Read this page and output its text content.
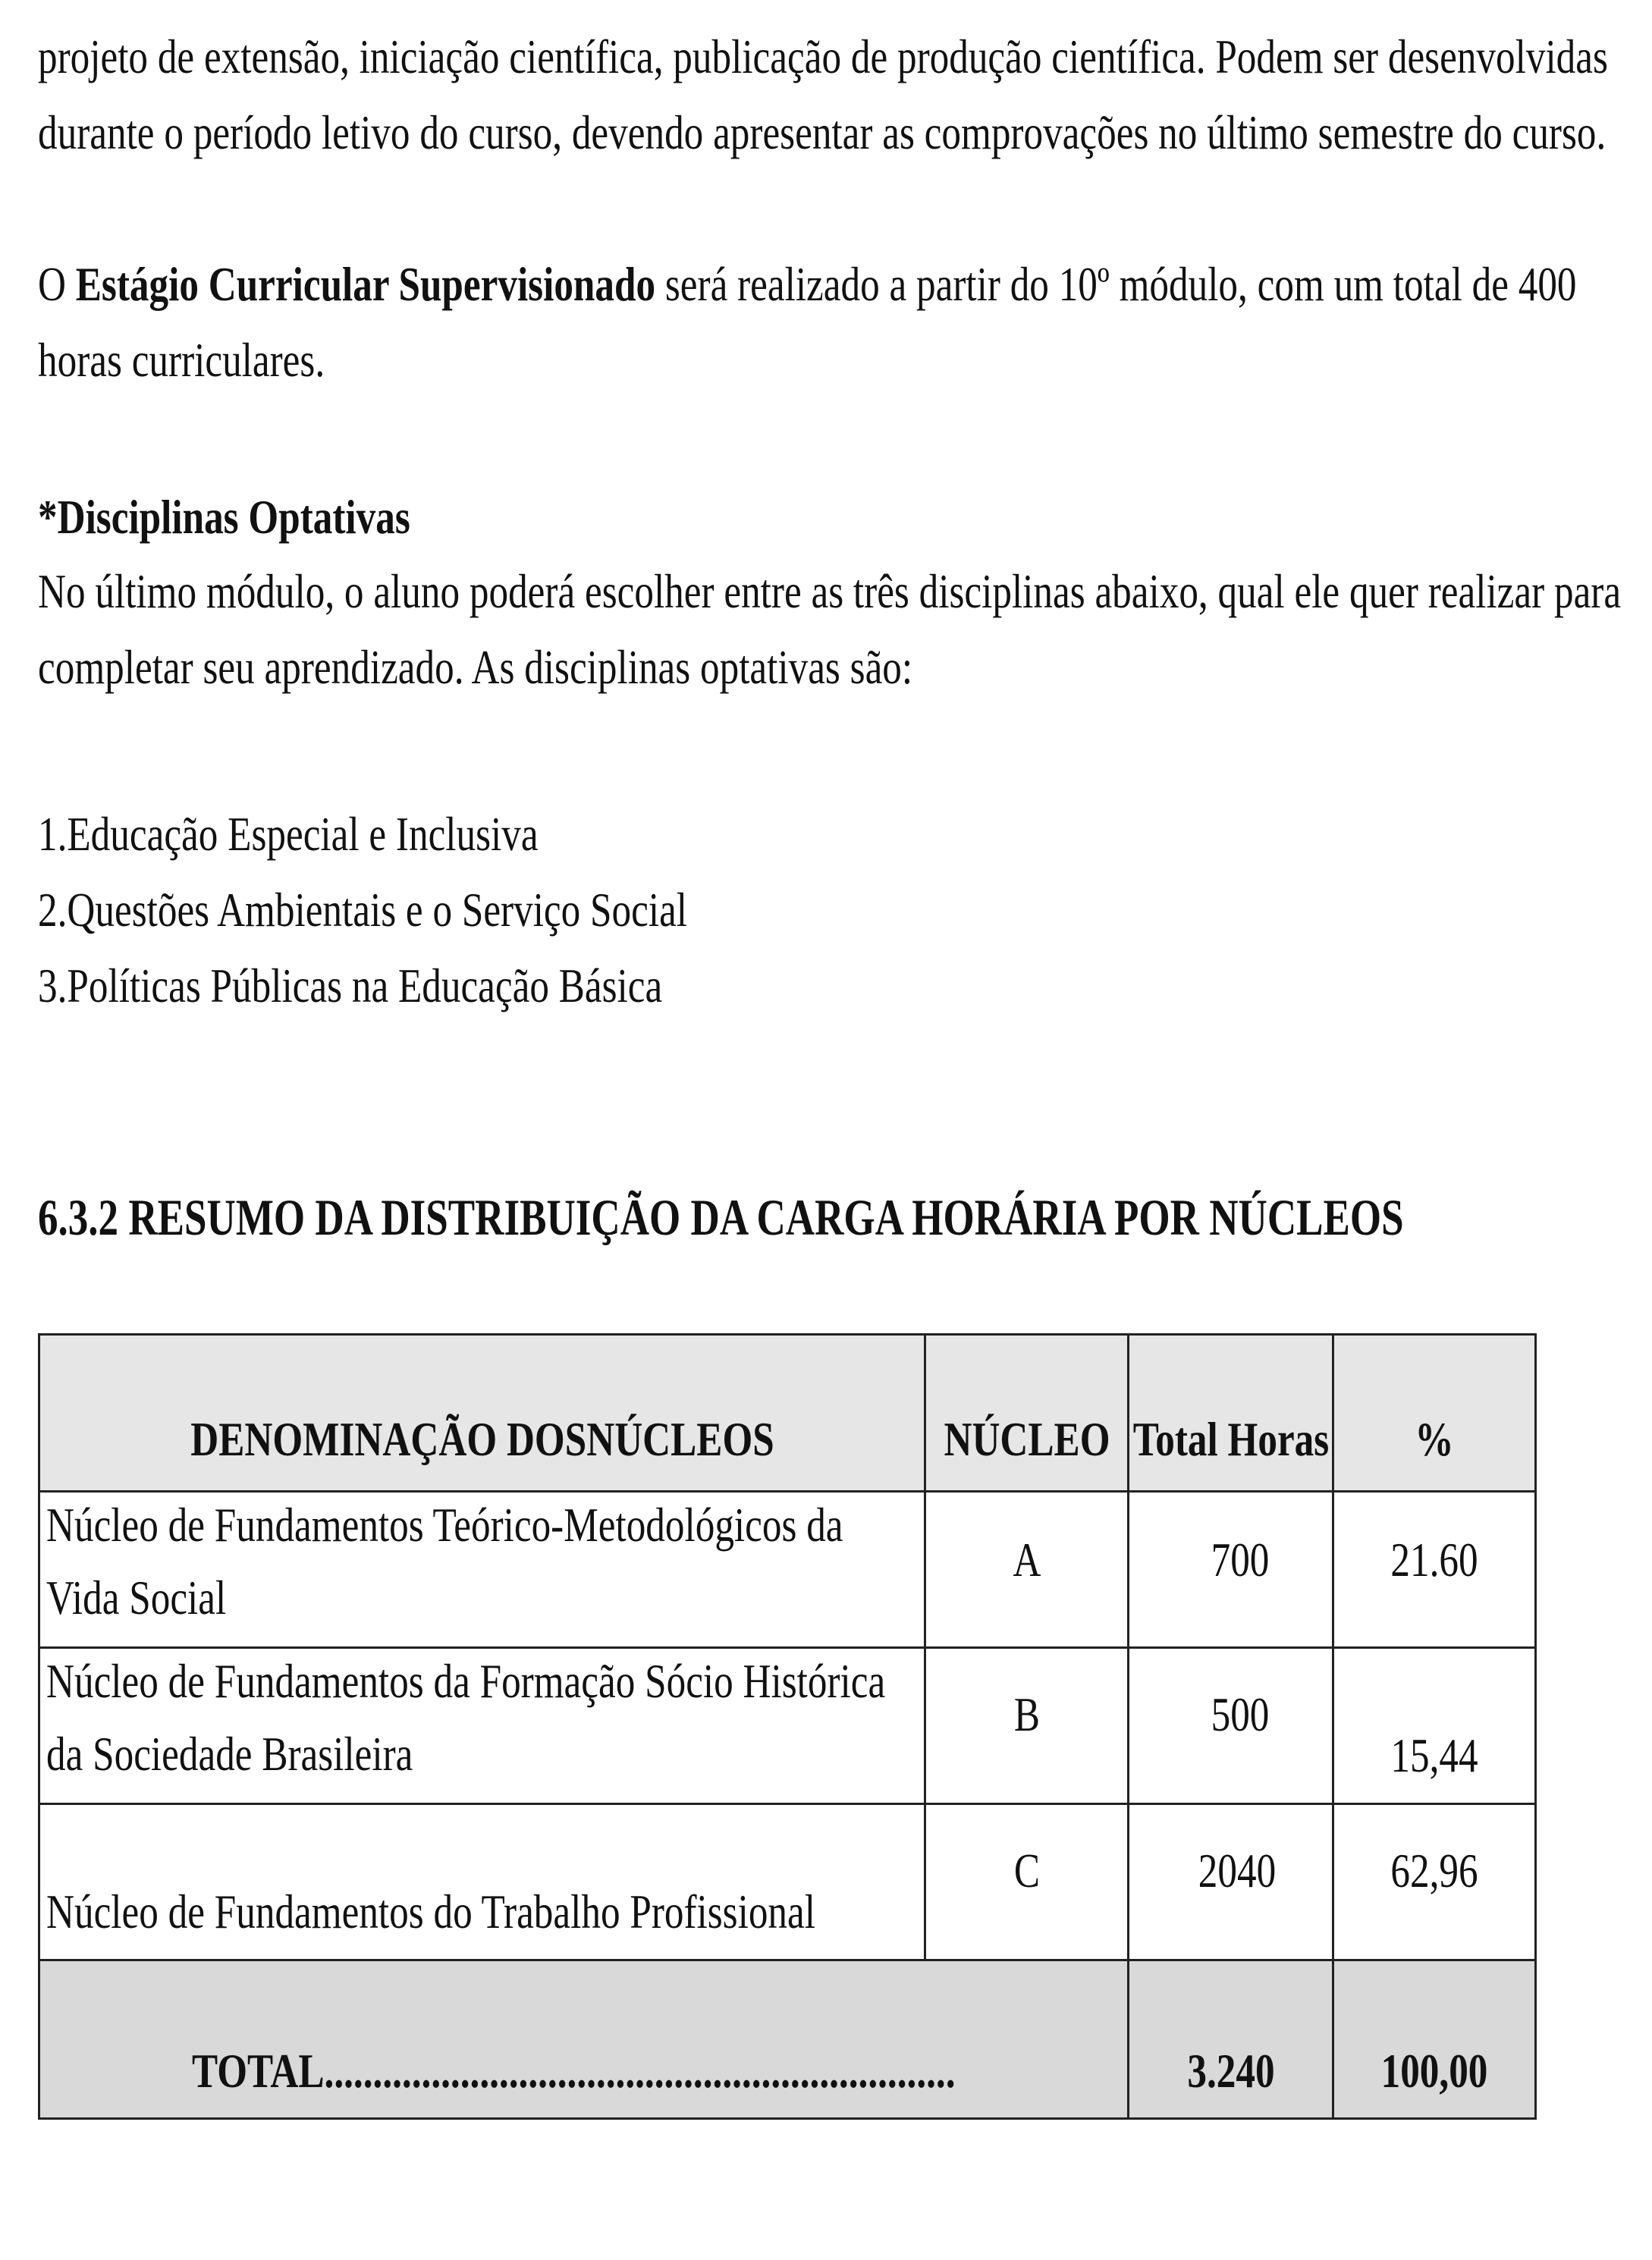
projeto de extensão, iniciação científica, publicação de produção científica. Podem ser desenvolvidas
durante o período letivo do curso, devendo apresentar as comprovações no último semestre do curso.
O Estágio Curricular Supervisionado será realizado a partir do 10º módulo, com um total de 400
horas curriculares.
*Disciplinas Optativas
No último módulo, o aluno poderá escolher entre as três disciplinas abaixo, qual ele quer realizar para
completar seu aprendizado. As disciplinas optativas são:
1.Educação Especial e Inclusiva
2.Questões Ambientais e o Serviço Social
3.Políticas Públicas na Educação Básica
6.3.2 RESUMO DA DISTRIBUIÇÃO DA CARGA HORÁRIA POR NÚCLEOS
DENOMINAÇÃO DOSNÚCLEOS	NÚCLEO	Total Horas	%

Núcleo de Fundamentos Teórico-Metodológicos da
Vida Social	A	700	21.60

Núcleo de Fundamentos da Formação Sócio Histórica
da Sociedade Brasileira	B	500	15,44

Núcleo de Fundamentos do Trabalho Profissional	C	2040	62,96

TOTAL.................................................................		3.240	100,00
